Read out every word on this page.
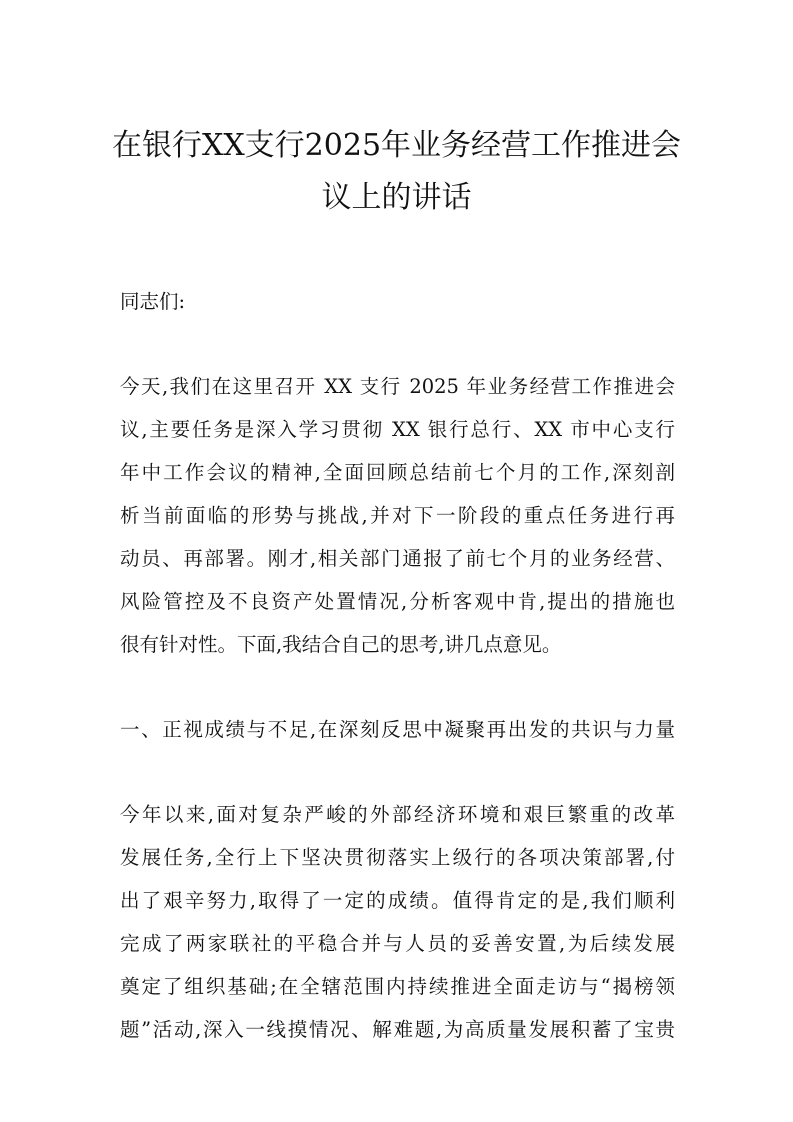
在银行XX支行2025年业务经营工作推进会
议上的讲话

同志们:

今天,我们在这里召开 XX 支行 2025 年业务经营工作推进会

议,主要任务是深入学习贯彻 XX 银行总行、XX 市中心支行

年中工作会议的精神,全面回顾总结前七个月的工作,深刻剖

析当前面临的形势与挑战,并对下一阶段的重点任务进行再

动员、再部署。刚才,相关部门通报了前七个月的业务经营、

风险管控及不良资产处置情况,分析客观中肯,提出的措施也

很有针对性。下面,我结合自己的思考,讲几点意见。

一、正视成绩与不足,在深刻反思中凝聚再出发的共识与力量

今年以来,面对复杂严峻的外部经济环境和艰巨繁重的改革

发展任务,全行上下坚决贯彻落实上级行的各项决策部署,付

出了艰辛努力,取得了一定的成绩。值得肯定的是,我们顺利

完成了两家联社的平稳合并与人员的妥善安置,为后续发展

奠定了组织基础;在全辖范围内持续推进全面走访与“揭榜领

题”活动,深入一线摸情况、解难题,为高质量发展积蓄了宝贵
